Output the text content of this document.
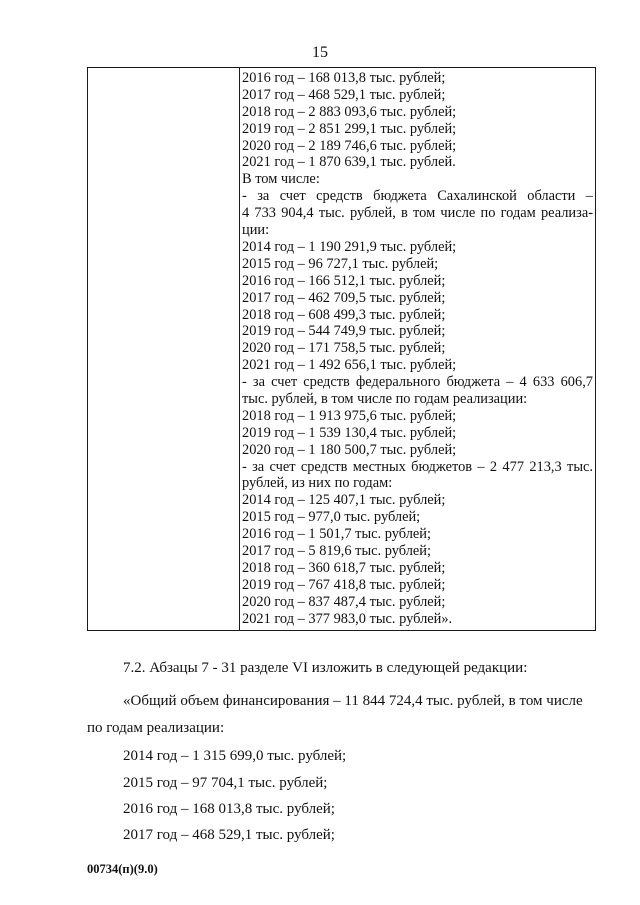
15

2016 год – 168 013,8 тыс. рублей;
2017 год – 468 529,1 тыс. рублей;
2018 год – 2 883 093,6 тыс. рублей;
2019 год – 2 851 299,1 тыс. рублей;
2020 год – 2 189 746,6 тыс. рублей;
2021 год – 1 870 639,1 тыс. рублей.
В том числе:
- за счет средств бюджета Сахалинской области –
4 733 904,4 тыс. рублей, в том числе по годам реализа-
ции:
2014 год – 1 190 291,9 тыс. рублей;
2015 год – 96 727,1 тыс. рублей;
2016 год – 166 512,1 тыс. рублей;
2017 год – 462 709,5 тыс. рублей;
2018 год – 608 499,3 тыс. рублей;
2019 год – 544 749,9 тыс. рублей;
2020 год – 171 758,5 тыс. рублей;
2021 год – 1 492 656,1 тыс. рублей;
- за счет средств федерального бюджета – 4 633 606,7
тыс. рублей, в том числе по годам реализации:
2018 год – 1 913 975,6 тыс. рублей;
2019 год – 1 539 130,4 тыс. рублей;
2020 год – 1 180 500,7 тыс. рублей;
- за счет средств местных бюджетов – 2 477 213,3 тыс.
рублей, из них по годам:
2014 год – 125 407,1 тыс. рублей;
2015 год – 977,0 тыс. рублей;
2016 год – 1 501,7 тыс. рублей;
2017 год – 5 819,6 тыс. рублей;
2018 год – 360 618,7 тыс. рублей;
2019 год – 767 418,8 тыс. рублей;
2020 год – 837 487,4 тыс. рублей;
2021 год – 377 983,0 тыс. рублей».
7.2. Абзацы 7 - 31 разделе VI изложить в следующей редакции:
«Общий объем финансирования – 11 844 724,4 тыс. рублей, в том числе
по годам реализации:
2014 год – 1 315 699,0 тыс. рублей;
2015 год – 97 704,1 тыс. рублей;
2016 год – 168 013,8 тыс. рублей;
2017 год – 468 529,1 тыс. рублей;
00734(п)(9.0)
